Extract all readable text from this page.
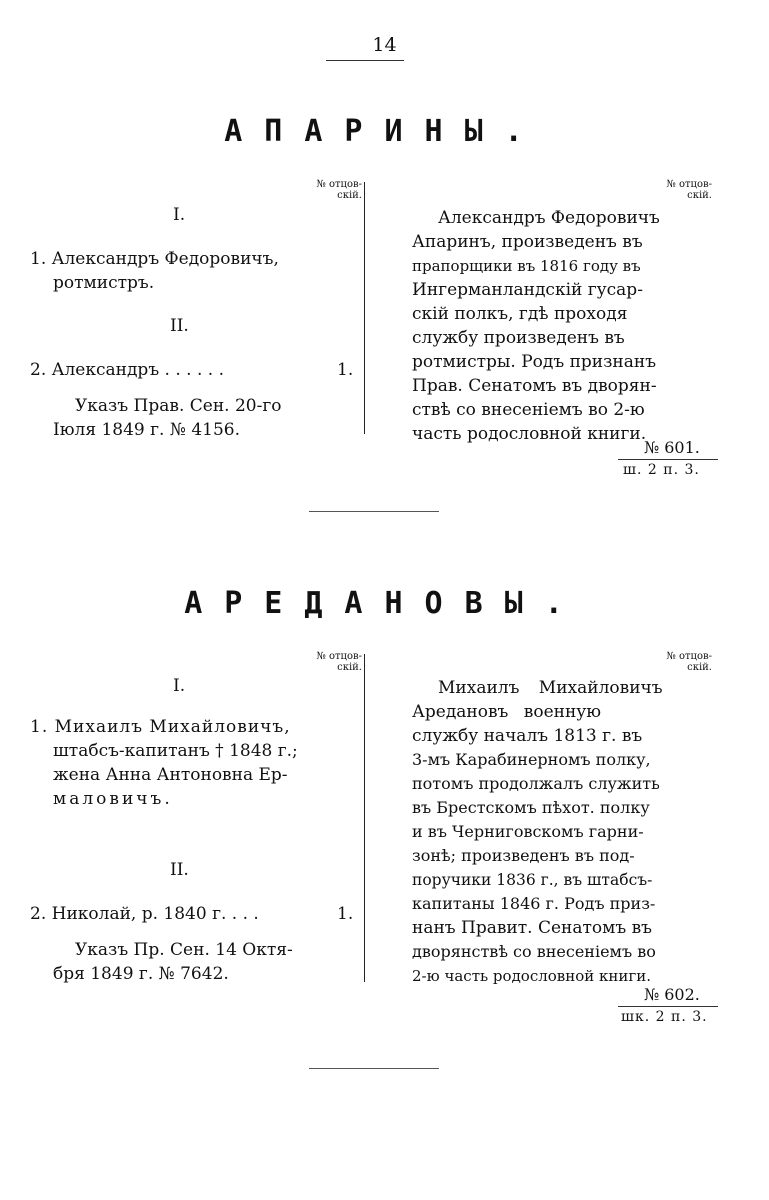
14
АПАРИНЫ.
№ отцов-
скій.
I.
1. Александръ Федоровичъ,
ротмистръ.
II.
2. Александръ . . . . . .	1.
Указъ Прав. Сен. 20-го
Іюля 1849 г. № 4156.
№ отцов-
скій.
Александръ Федоровичъ
Апаринъ, произведенъ въ
прапорщики въ 1816 году въ
Ингерманландскій гусар-
скій полкъ, гдѣ проходя
службу произведенъ въ
ротмистры. Родъ признанъ
Прав. Сенатомъ въ дворян-
ствѣ со внесеніемъ во 2-ю
часть родословной книги.
№ 601.
ш. 2 п. 3.
АРЕДАНОВЫ.
№ отцов-
скій.
I.
1. Михаилъ Михайловичъ,
штабсъ-капитанъ † 1848 г.;
жена Анна Антоновна Ер-
маловичъ.
II.
2. Николай, р. 1840 г. . . .	1.
Указъ Пр. Сен. 14 Октя-
бря 1849 г. № 7642.
№ отцов-
скій.
Михаилъ Михайловичъ
Аредановъ военную
службу началъ 1813 г. въ
3-мъ Карабинерномъ полку,
потомъ продолжалъ служить
въ Брестскомъ пѣхот. полку
и въ Черниговскомъ гарни-
зонѣ; произведенъ въ под-
поручики 1836 г., въ штабсъ-
капитаны 1846 г. Родъ приз-
нанъ Правит. Сенатомъ въ
дворянствѣ со внесеніемъ во
2-ю часть родословной книги.
№ 602.
шк. 2 п. 3.
